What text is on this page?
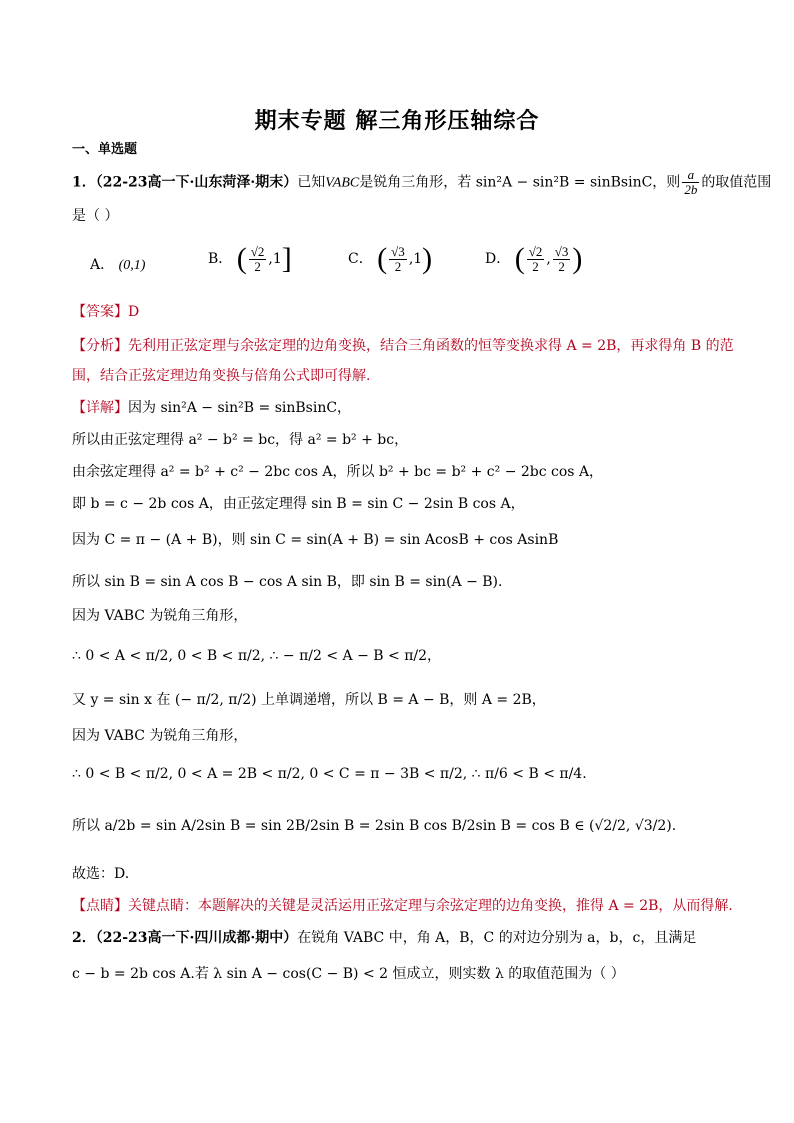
期末专题 解三角形压轴综合
一、单选题
1．（22-23高一下·山东菏泽·期末）已知VABC是锐角三角形，若 sin²A − sin²B = sinBsinC，则 $\frac{a}{2b}$ 的取值范围
是（ ）
A． (0,1)	B． ( $\frac{√2}{2} ,1$]	C． ( $\frac{√3}{2} ,1$)	D． ( $\frac{√2}{2}$ , $\frac{√3}{2}$ )
【答案】D
【分析】先利用正弦定理与余弦定理的边角变换，结合三角函数的恒等变换求得 A = 2B，再求得角 B 的范
围，结合正弦定理边角变换与倍角公式即可得解.
【详解】因为 sin²A − sin²B = sinBsinC，
所以由正弦定理得 a² − b² = bc，得 a² = b² + bc，
由余弦定理得 a² = b² + c² − 2bc cos A，所以 b² + bc = b² + c² − 2bc cos A，
即 b = c − 2b cos A，由正弦定理得 sin B = sin C − 2sin B cos A，
因为 C = π − (A + B)，则 sin C = sin(A + B) = sin AcosB + cos AsinB
所以 sin B = sin A cos B − cos A sin B，即 sin B = sin(A − B).
因为 VABC 为锐角三角形，
∴ 0 < A < π/2, 0 < B < π/2, ∴ − π/2 < A − B < π/2，
又 y = sin x 在 (− π/2, π/2) 上单调递增，所以 B = A − B，则 A = 2B，
因为 VABC 为锐角三角形，
∴ 0 < B < π/2, 0 < A = 2B < π/2, 0 < C = π − 3B < π/2, ∴ π/6 < B < π/4.
所以 a/2b = sin A/2sin B = sin 2B/2sin B = 2sin B cos B/2sin B = cos B ∈ (√2/2, √3/2).
故选：D.
【点睛】关键点睛：本题解决的关键是灵活运用正弦定理与余弦定理的边角变换，推得 A = 2B，从而得解.
2．（22-23高一下·四川成都·期中）在锐角 VABC 中，角 A，B，C 的对边分别为 a，b，c，且满足
c − b = 2b cos A.若 λ sin A − cos(C − B) < 2 恒成立，则实数 λ 的取值范围为（ ）
